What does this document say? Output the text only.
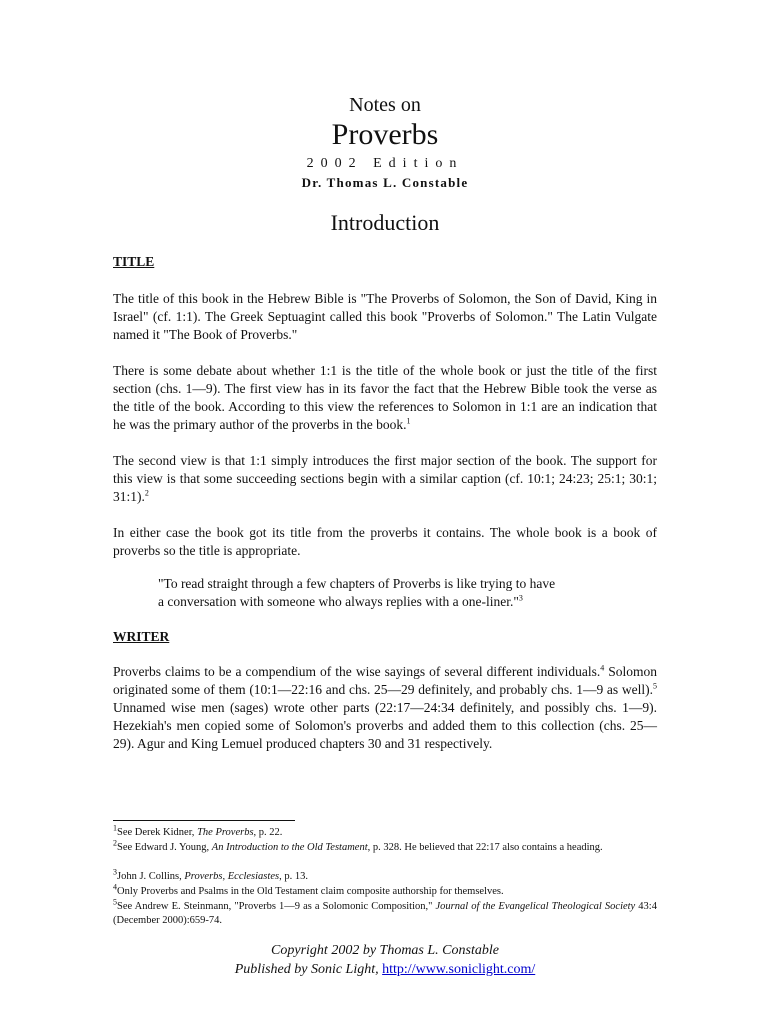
Notes on
Proverbs
2002 Edition
Dr. Thomas L. Constable
Introduction
TITLE

The title of this book in the Hebrew Bible is "The Proverbs of Solomon, the Son of David, King in Israel" (cf. 1:1). The Greek Septuagint called this book "Proverbs of Solomon." The Latin Vulgate named it "The Book of Proverbs."

There is some debate about whether 1:1 is the title of the whole book or just the title of the first section (chs. 1—9). The first view has in its favor the fact that the Hebrew Bible took the verse as the title of the book. According to this view the references to Solomon in 1:1 are an indication that he was the primary author of the proverbs in the book.$^1$

The second view is that 1:1 simply introduces the first major section of the book. The support for this view is that some succeeding sections begin with a similar caption (cf. 10:1; 24:23; 25:1; 30:1; 31:1).$^2$

In either case the book got its title from the proverbs it contains. The whole book is a book of proverbs so the title is appropriate.

"To read straight through a few chapters of Proverbs is like trying to have
a conversation with someone who always replies with a one-liner."$^3$

WRITER

Proverbs claims to be a compendium of the wise sayings of several different individuals.$^4$ Solomon originated some of them (10:1—22:16 and chs. 25—29 definitely, and probably chs. 1—9 as well).$^5$ Unnamed wise men (sages) wrote other parts (22:17—24:34 definitely, and possibly chs. 1—9). Hezekiah's men copied some of Solomon's proverbs and added them to this collection (chs. 25—29). Agur and King Lemuel produced chapters 30 and 31 respectively.

$^1$See Derek Kidner, The Proverbs, p. 22.

$^2$See Edward J. Young, An Introduction to the Old Testament, p. 328. He believed that 22:17 also contains a heading.

$^3$John J. Collins, Proverbs, Ecclesiastes, p. 13.

$^4$Only Proverbs and Psalms in the Old Testament claim composite authorship for themselves.

$^5$See Andrew E. Steinmann, "Proverbs 1—9 as a Solomonic Composition," Journal of the Evangelical Theological Society 43:4 (December 2000):659-74.

Copyright 2002 by Thomas L. Constable
Published by Sonic Light, http://www.soniclight.com/
